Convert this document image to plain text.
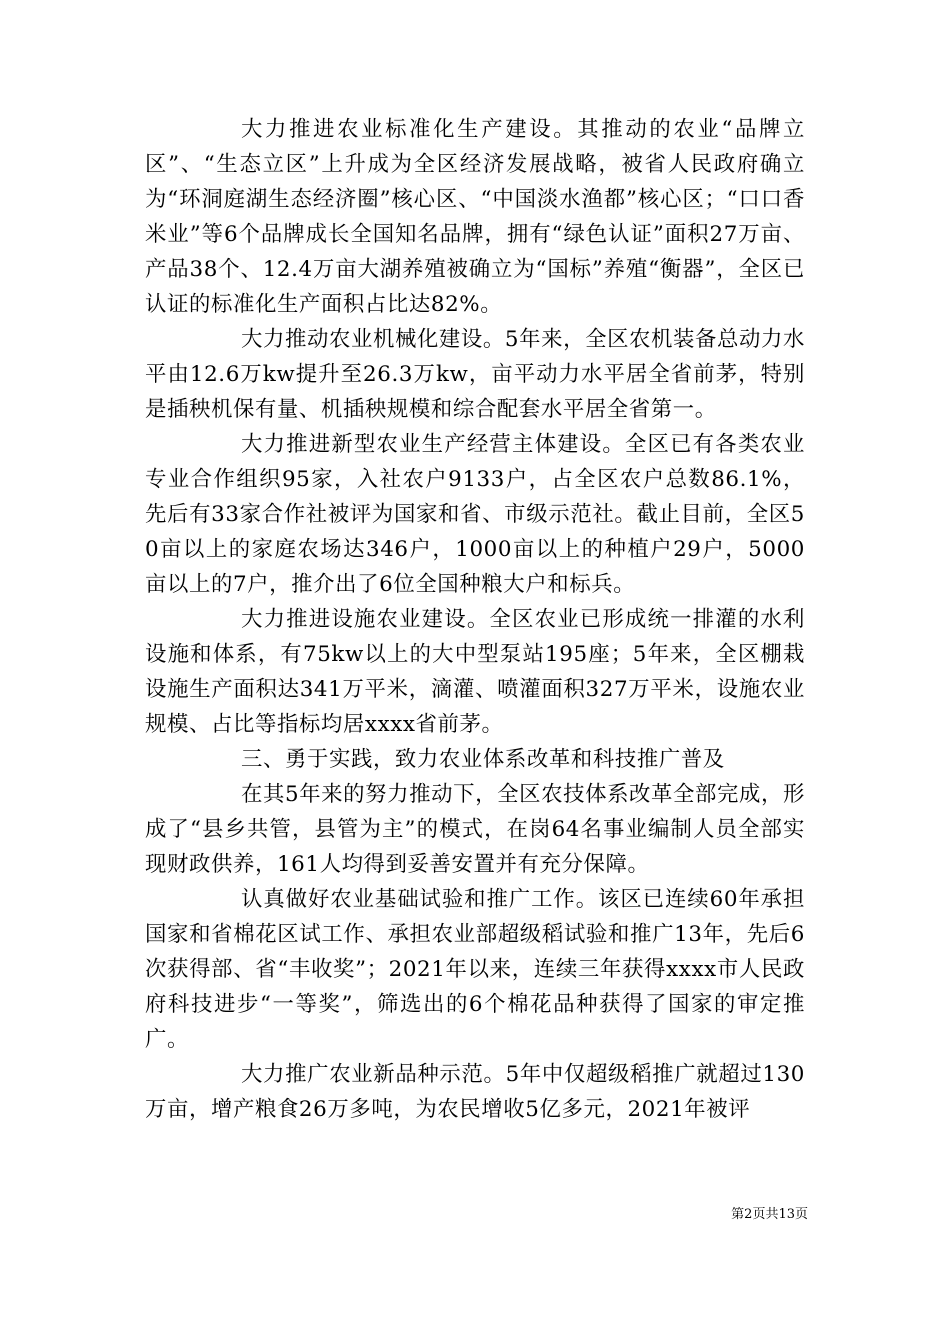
大力推进农业标准化生产建设。其推动的农业“品牌立区”、“生态立区”上升成为全区经济发展战略，被省人民政府确立为“环洞庭湖生态经济圈”核心区、“中国淡水渔都”核心区；“口口香米业”等6个品牌成长全国知名品牌，拥有“绿色认证”面积27万亩、产品38个、12.4万亩大湖养殖被确立为“国标”养殖“衡器”，全区已认证的标准化生产面积占比达82%。

大力推动农业机械化建设。5年来，全区农机装备总动力水平由12.6万kw提升至26.3万kw，亩平动力水平居全省前茅，特别是插秧机保有量、机插秧规模和综合配套水平居全省第一。

大力推进新型农业生产经营主体建设。全区已有各类农业专业合作组织95家，入社农户9133户，占全区农户总数86.1%，先后有33家合作社被评为国家和省、市级示范社。截止目前，全区50亩以上的家庭农场达346户，1000亩以上的种植户29户，5000亩以上的7户，推介出了6位全国种粮大户和标兵。

大力推进设施农业建设。全区农业已形成统一排灌的水利设施和体系，有75kw以上的大中型泵站195座；5年来，全区棚栽设施生产面积达341万平米，滴灌、喷灌面积327万平米，设施农业规模、占比等指标均居xxxx省前茅。

三、勇于实践，致力农业体系改革和科技推广普及

在其5年来的努力推动下，全区农技体系改革全部完成，形成了“县乡共管，县管为主”的模式，在岗64名事业编制人员全部实现财政供养，161人均得到妥善安置并有充分保障。

认真做好农业基础试验和推广工作。该区已连续60年承担国家和省棉花区试工作、承担农业部超级稻试验和推广13年，先后6次获得部、省“丰收奖”；2021年以来，连续三年获得xxxx市人民政府科技进步“一等奖”，筛选出的6个棉花品种获得了国家的审定推广。

大力推广农业新品种示范。5年中仅超级稻推广就超过130万亩，增产粮食26万多吨，为农民增收5亿多元，2021年被评

第2页共13页
